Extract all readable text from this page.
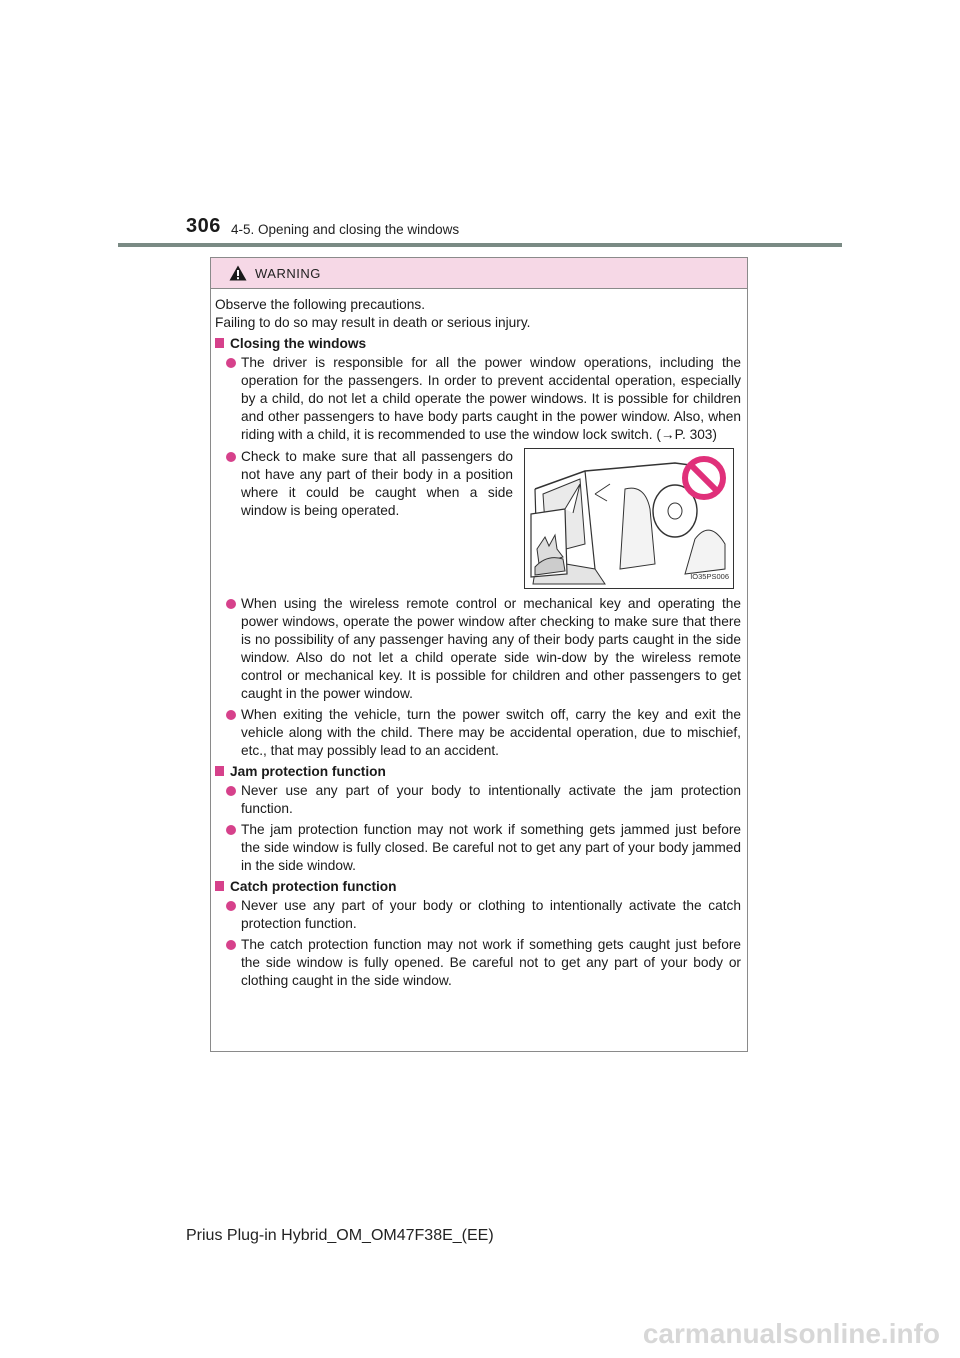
306 4-5. Opening and closing the windows
WARNING

Observe the following precautions.

Failing to do so may result in death or serious injury.

Closing the windows
The driver is responsible for all the power window operations, including the operation for the passengers. In order to prevent accidental operation, especially by a child, do not let a child operate the power windows. It is possible for children and other passengers to have body parts caught in the power window. Also, when riding with a child, it is recommended to use the window lock switch. (→P. 303)
Check to make sure that all passengers do not have any part of their body in a position where it could be caught when a side window is being operated.
IO35PS006
When using the wireless remote control or mechanical key and operating the power windows, operate the power window after checking to make sure that there is no possibility of any passenger having any of their body parts caught in the side window. Also do not let a child operate side win-dow by the wireless remote control or mechanical key. It is possible for children and other passengers to get caught in the power window.
When exiting the vehicle, turn the power switch off, carry the key and exit the vehicle along with the child. There may be accidental operation, due to mischief, etc., that may possibly lead to an accident.
Jam protection function
Never use any part of your body to intentionally activate the jam protection function.
The jam protection function may not work if something gets jammed just before the side window is fully closed. Be careful not to get any part of your body jammed in the side window.
Catch protection function
Never use any part of your body or clothing to intentionally activate the catch protection function.
The catch protection function may not work if something gets caught just before the side window is fully opened. Be careful not to get any part of your body or clothing caught in the side window.
Prius Plug-in Hybrid_OM_OM47F38E_(EE)
carmanualsonline.info
